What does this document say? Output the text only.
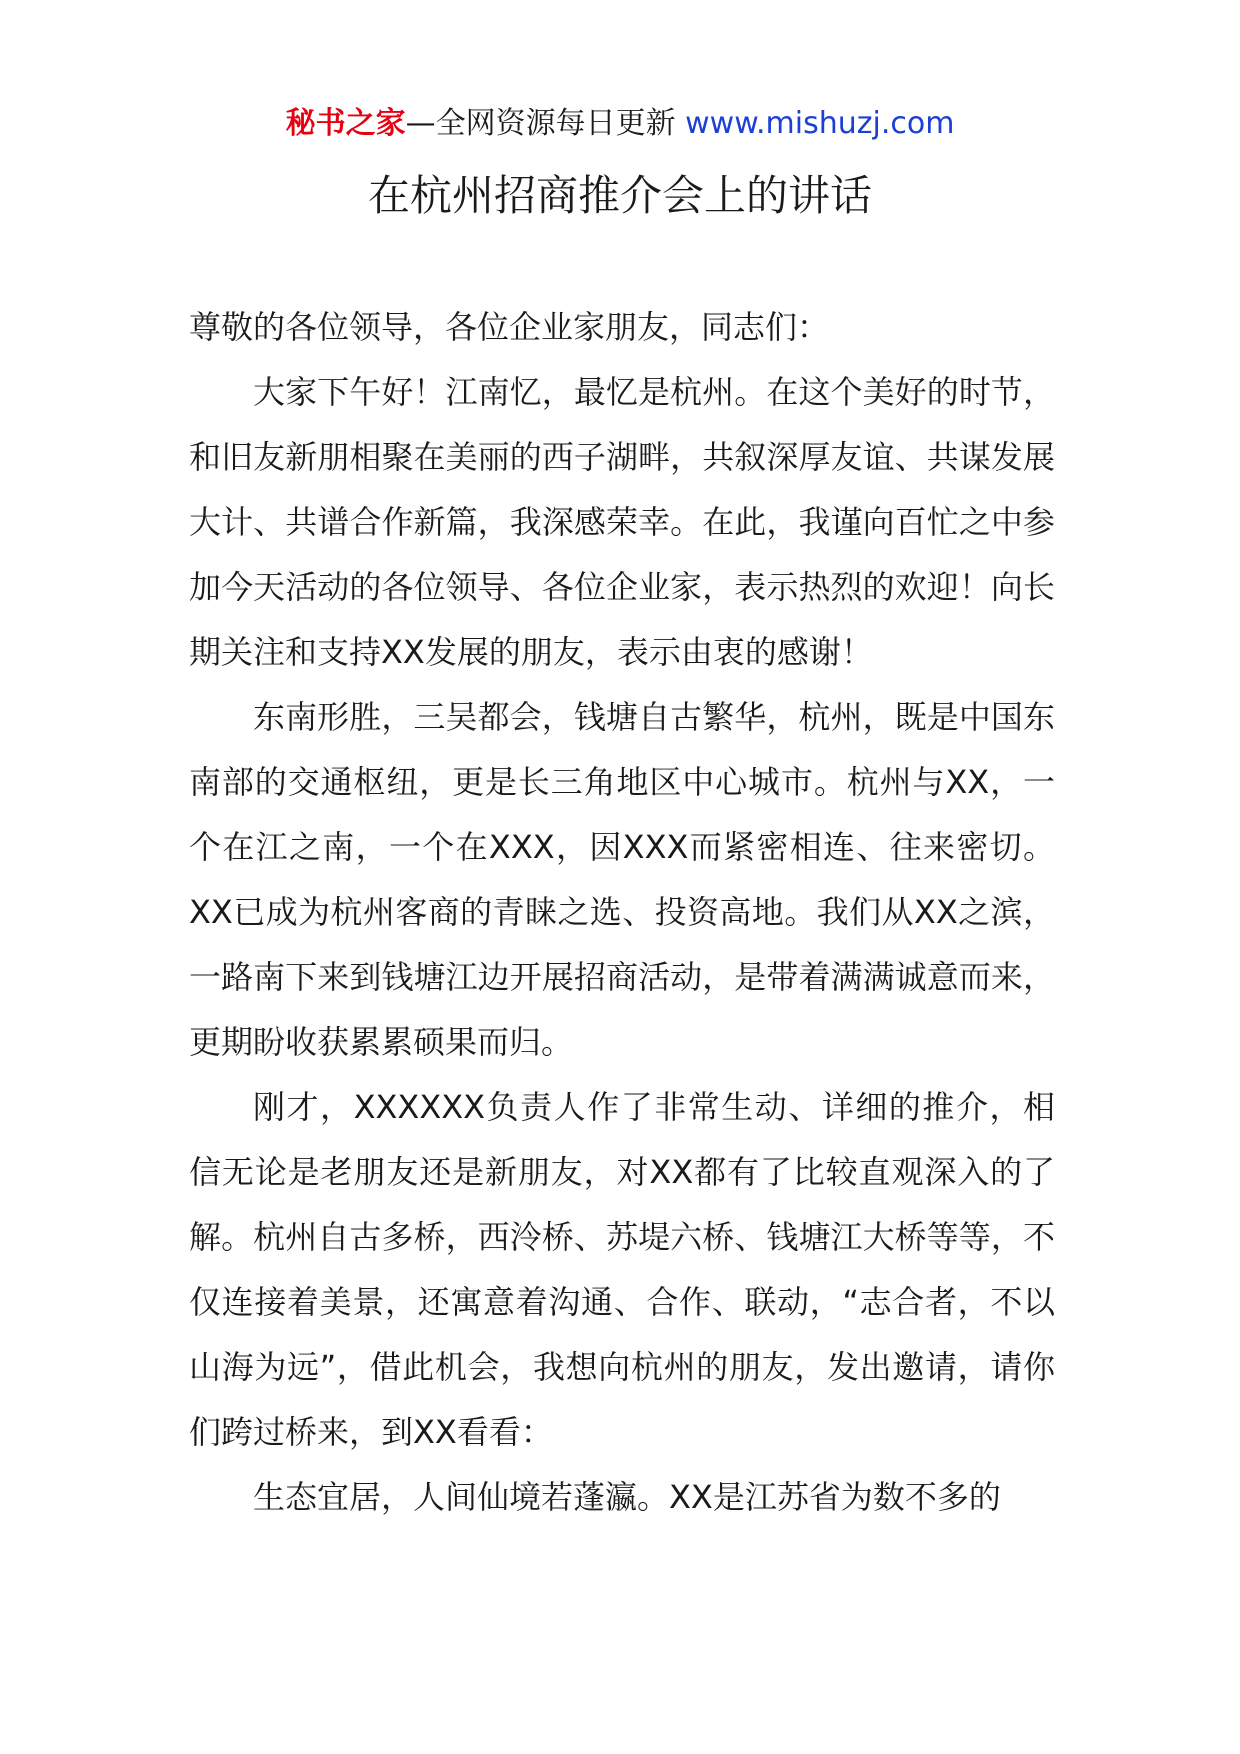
秘书之家—全网资源每日更新 www.mishuzj.com
在杭州招商推介会上的讲话

尊敬的各位领导，各位企业家朋友，同志们：

大家下午好！江南忆，最忆是杭州。在这个美好的时节，和旧友新朋相聚在美丽的西子湖畔，共叙深厚友谊、共谋发展大计、共谱合作新篇，我深感荣幸。在此，我谨向百忙之中参加今天活动的各位领导、各位企业家，表示热烈的欢迎！向长期关注和支持XX发展的朋友，表示由衷的感谢！

东南形胜，三吴都会，钱塘自古繁华，杭州，既是中国东南部的交通枢纽，更是长三角地区中心城市。杭州与XX，一个在江之南，一个在XXX，因XXX而紧密相连、往来密切。XX已成为杭州客商的青睐之选、投资高地。我们从XX之滨，一路南下来到钱塘江边开展招商活动，是带着满满诚意而来，更期盼收获累累硕果而归。

刚才，XXXXXX负责人作了非常生动、详细的推介，相信无论是老朋友还是新朋友，对XX都有了比较直观深入的了解。杭州自古多桥，西泠桥、苏堤六桥、钱塘江大桥等等，不仅连接着美景，还寓意着沟通、合作、联动，“志合者，不以山海为远”，借此机会，我想向杭州的朋友，发出邀请，请你们跨过桥来，到XX看看：

生态宜居，人间仙境若蓬瀛。XX是江苏省为数不多的
